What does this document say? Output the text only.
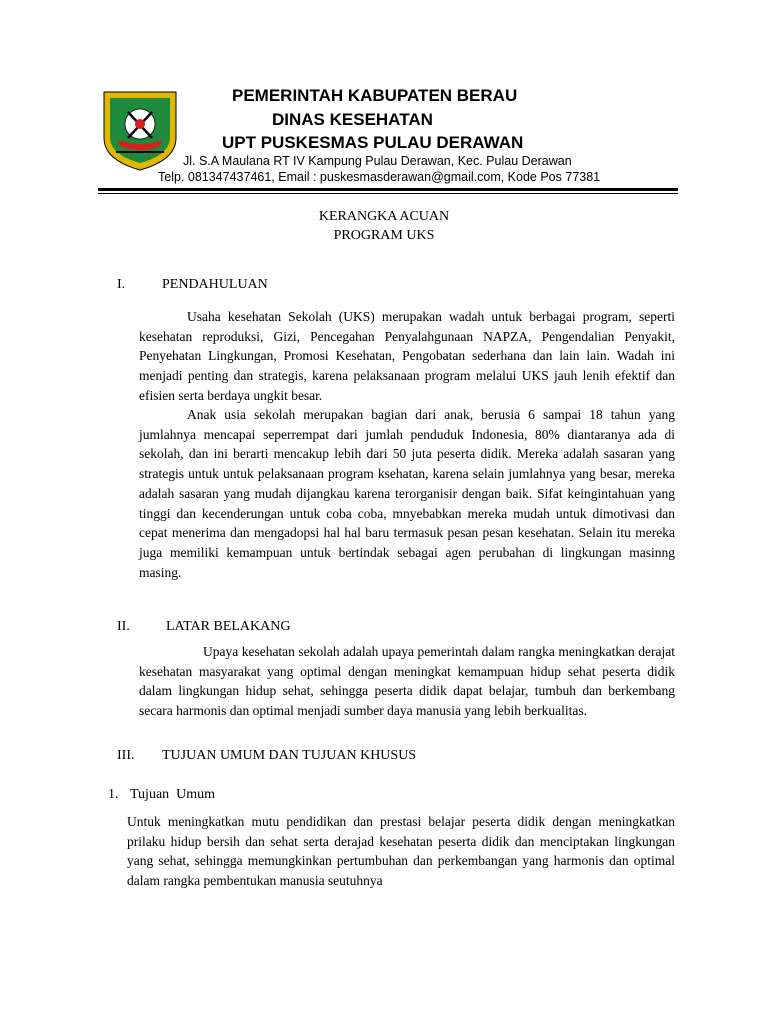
PEMERINTAH KABUPATEN BERAU
DINAS KESEHATAN
UPT PUSKESMAS PULAU DERAWAN
Jl. S.A Maulana RT IV Kampung Pulau Derawan, Kec. Pulau Derawan
Telp. 081347437461, Email : puskesmasderawan@gmail.com, Kode Pos 77381
KERANGKA ACUAN
PROGRAM UKS
I.	PENDAHULUAN
Usaha kesehatan Sekolah (UKS) merupakan wadah untuk berbagai program, seperti kesehatan reproduksi, Gizi, Pencegahan Penyalahgunaan NAPZA, Pengendalian Penyakit, Penyehatan Lingkungan, Promosi Kesehatan, Pengobatan sederhana dan lain lain. Wadah ini menjadi penting dan strategis, karena pelaksanaan program melalui UKS jauh lenih efektif dan efisien serta berdaya ungkit besar.
Anak usia sekolah merupakan bagian dari anak, berusia 6 sampai 18 tahun yang jumlahnya mencapai seperrempat dari jumlah penduduk Indonesia, 80% diantaranya ada di sekolah, dan ini berarti mencakup lebih dari 50 juta peserta didik. Mereka adalah sasaran yang strategis untuk untuk pelaksanaan program ksehatan, karena selain jumlahnya yang besar, mereka adalah sasaran yang mudah dijangkau karena terorganisir dengan baik. Sifat keingintahuan yang tinggi dan kecenderungan untuk coba coba, mnyebabkan mereka mudah untuk dimotivasi dan cepat menerima dan mengadopsi hal hal baru termasuk pesan pesan kesehatan. Selain itu mereka juga memiliki kemampuan untuk bertindak sebagai agen perubahan di lingkungan masinng masing.
II.	LATAR BELAKANG
Upaya kesehatan sekolah adalah upaya pemerintah dalam rangka meningkatkan derajat kesehatan masyarakat yang optimal dengan meningkat kemampuan hidup sehat peserta didik dalam lingkungan hidup sehat, sehingga peserta didik dapat belajar, tumbuh dan berkembang secara harmonis dan optimal menjadi sumber daya manusia yang lebih berkualitas.
III. TUJUAN UMUM DAN TUJUAN KHUSUS
1. Tujuan  Umum
Untuk meningkatkan mutu pendidikan dan prestasi belajar peserta didik dengan meningkatkan prilaku hidup bersih dan sehat serta derajad kesehatan peserta didik dan menciptakan lingkungan yang sehat, sehingga memungkinkan pertumbuhan dan perkembangan yang harmonis dan optimal dalam rangka pembentukan manusia seutuhnya
